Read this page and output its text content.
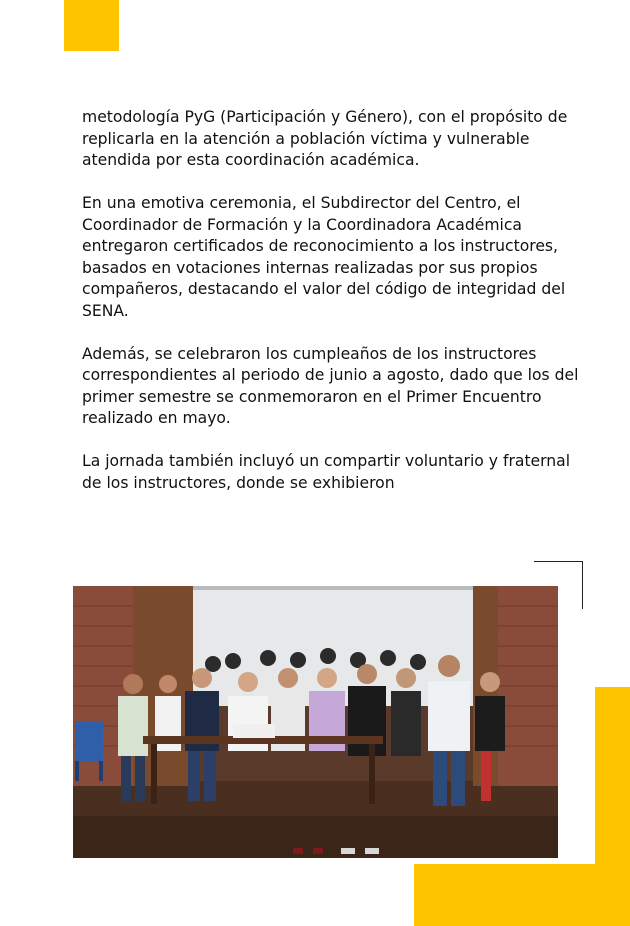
metodología PyG (Participación y Género), con el propósito de replicarla en la atención a población víctima y vulnerable atendida por esta coordinación académica.

En una emotiva ceremonia, el Subdirector del Centro, el Coordinador de Formación y la Coordinadora Académica entregaron certificados de reconocimiento a los instructores, basados en votaciones internas realizadas por sus propios compañeros, destacando el valor del código de integridad del SENA.

Además, se celebraron los cumpleaños de los instructores correspondientes al periodo de junio a agosto, dado que los del primer semestre se conmemoraron en el Primer Encuentro realizado en mayo.

La jornada también incluyó un compartir voluntario y fraternal de los instructores, donde se exhibieron
